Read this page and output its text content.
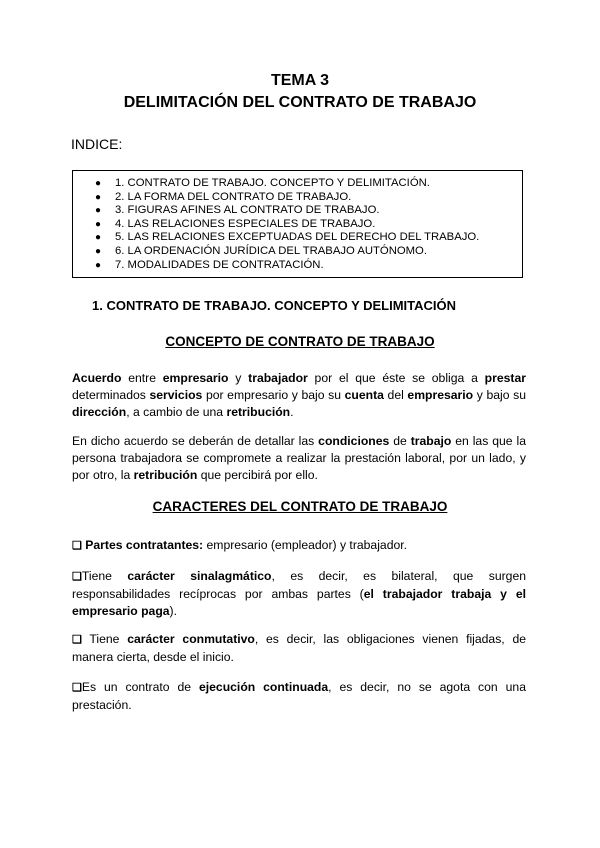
TEMA 3
DELIMITACIÓN DEL CONTRATO DE TRABAJO
INDICE:
● 1. CONTRATO DE TRABAJO. CONCEPTO Y DELIMITACIÓN.
● 2. LA FORMA DEL CONTRATO DE TRABAJO.
● 3. FIGURAS AFINES AL CONTRATO DE TRABAJO.
● 4. LAS RELACIONES ESPECIALES DE TRABAJO.
● 5. LAS RELACIONES EXCEPTUADAS DEL DERECHO DEL TRABAJO.
● 6. LA ORDENACIÓN JURÍDICA DEL TRABAJO AUTÓNOMO.
● 7. MODALIDADES DE CONTRATACIÓN.
1. CONTRATO DE TRABAJO. CONCEPTO Y DELIMITACIÓN
CONCEPTO DE CONTRATO DE TRABAJO
Acuerdo entre empresario y trabajador por el que éste se obliga a prestar determinados servicios por empresario y bajo su cuenta del empresario y bajo su dirección, a cambio de una retribución.
En dicho acuerdo se deberán de detallar las condiciones de trabajo en las que la persona trabajadora se compromete a realizar la prestación laboral, por un lado, y por otro, la retribución que percibirá por ello.
CARACTERES DEL CONTRATO DE TRABAJO
❏ Partes contratantes: empresario (empleador) y trabajador.
❏Tiene carácter sinalagmático, es decir, es bilateral, que surgen responsabilidades recíprocas por ambas partes (el trabajador trabaja y el empresario paga).
❏ Tiene carácter conmutativo, es decir, las obligaciones vienen fijadas, de manera cierta, desde el inicio.
❏Es un contrato de ejecución continuada, es decir, no se agota con una prestación.
